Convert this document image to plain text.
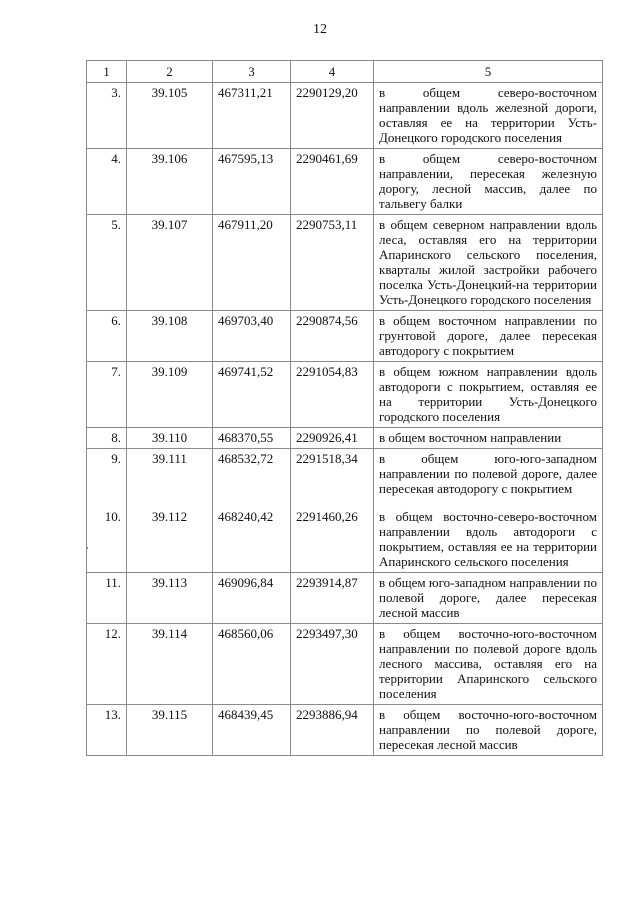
12
1	2	3	4	5
3.	39.105	467311,21	2290129,20	в общем северо-восточном направлении вдоль железной дороги, оставляя ее на территории Усть-Донецкого городского поселения
4.	39.106	467595,13	2290461,69	в общем северо-восточном направлении, пересекая железную дорогу, лесной массив, далее по тальвегу балки
5.	39.107	467911,20	2290753,11	в общем северном направлении вдоль леса, оставляя его на территории Апаринского сельского поселения, кварталы жилой застройки рабочего поселка Усть-Донецкий-на территории Усть-Донецкого городского поселения
6.	39.108	469703,40	2290874,56	в общем восточном направлении по грунтовой дороге, далее пересекая автодорогу с покрытием
7.	39.109	469741,52	2291054,83	в общем южном направлении вдоль автодороги с покрытием, оставляя ее на территории Усть-Донецкого городского поселения
8.	39.110	468370,55	2290926,41	в общем восточном направлении
9.	39.111	468532,72	2291518,34	в общем юго-юго-западном направлении по полевой дороге, далее пересекая автодорогу с покрытием
10.	39.112	468240,42	2291460,26	в общем восточно-северо-восточном направлении вдоль автодороги с покрытием, оставляя ее на территории Апаринского сельского поселения
11.	39.113	469096,84	2293914,87	в общем юго-западном направлении по полевой дороге, далее пересекая лесной массив
12.	39.114	468560,06	2293497,30	в общем восточно-юго-восточном направлении по полевой дороге вдоль лесного массива, оставляя его на территории Апаринского сельского поселения
13.	39.115	468439,45	2293886,94	в общем восточно-юго-восточном направлении по полевой дороге, пересекая лесной массив
